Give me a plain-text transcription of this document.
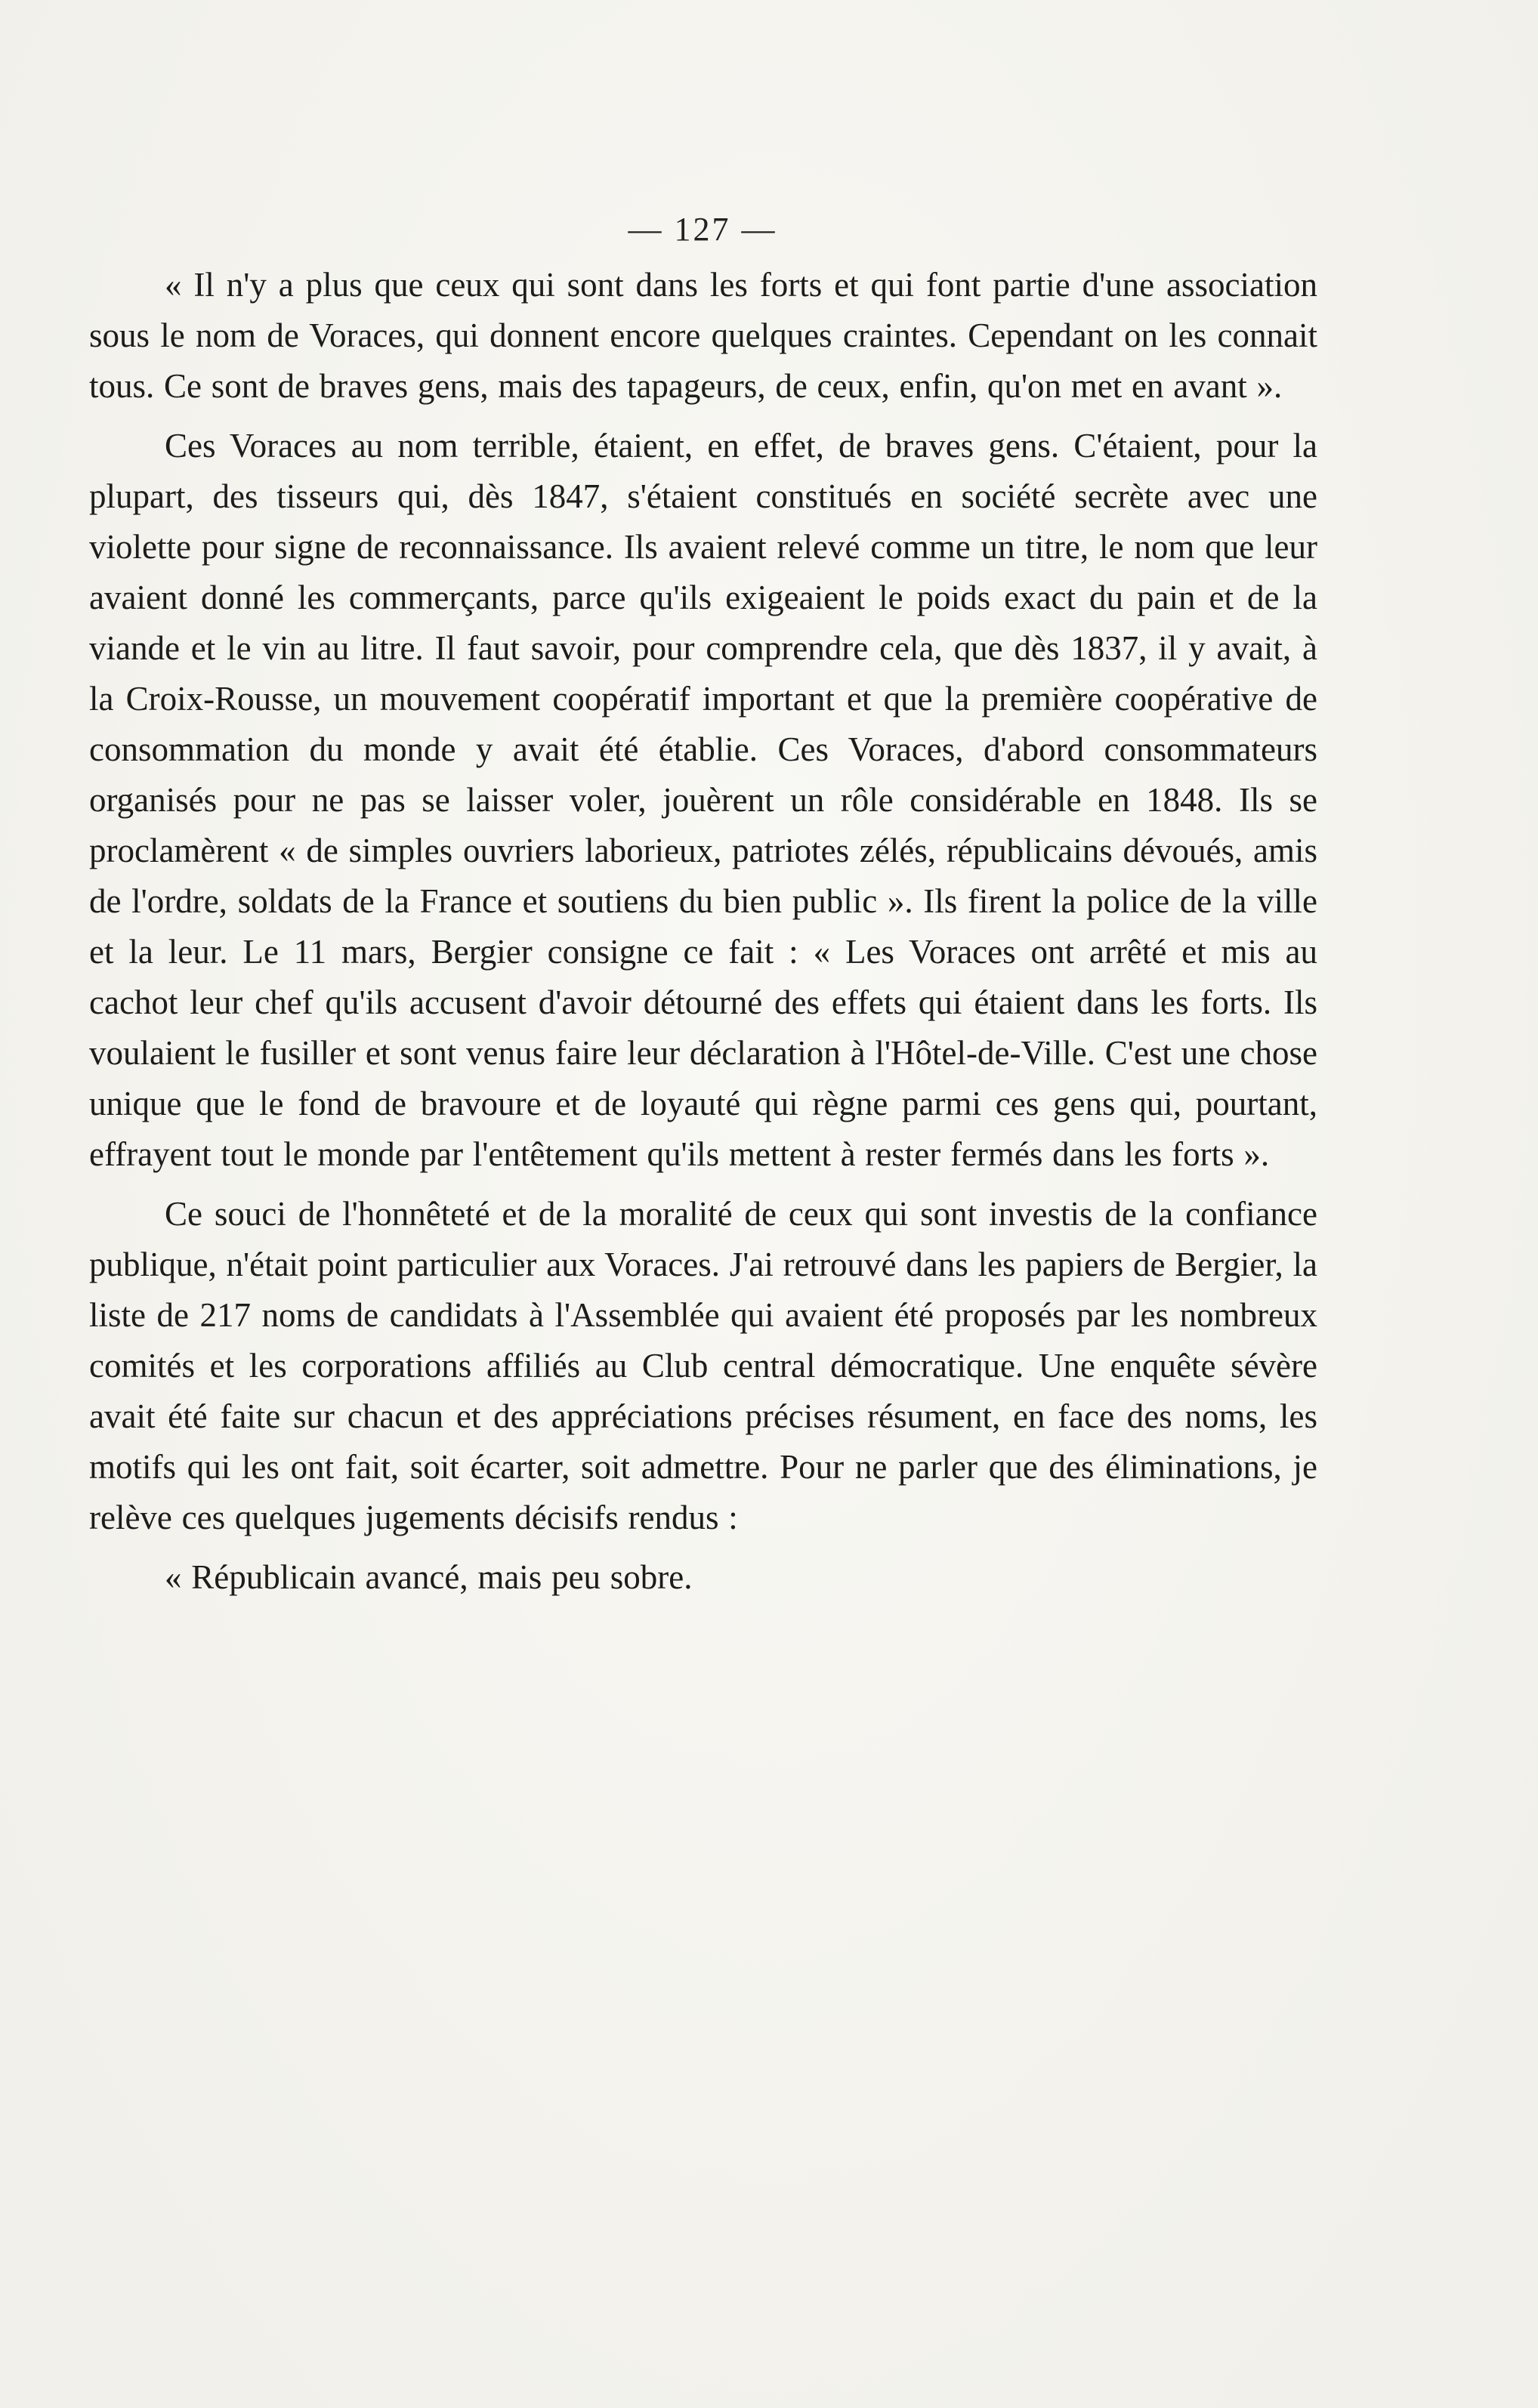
— 127 —

« Il n'y a plus que ceux qui sont dans les forts et qui font partie d'une association sous le nom de Voraces, qui donnent encore quelques craintes. Cependant on les connait tous. Ce sont de braves gens, mais des tapageurs, de ceux, enfin, qu'on met en avant ».

Ces Voraces au nom terrible, étaient, en effet, de braves gens. C'étaient, pour la plupart, des tisseurs qui, dès 1847, s'étaient constitués en société secrète avec une violette pour signe de reconnaissance. Ils avaient relevé comme un titre, le nom que leur avaient donné les commerçants, parce qu'ils exigeaient le poids exact du pain et de la viande et le vin au litre. Il faut savoir, pour comprendre cela, que dès 1837, il y avait, à la Croix-Rousse, un mouvement coopératif important et que la première coopérative de consommation du monde y avait été établie. Ces Voraces, d'abord consommateurs organisés pour ne pas se laisser voler, jouèrent un rôle considérable en 1848. Ils se proclamèrent « de simples ouvriers laborieux, patriotes zélés, républicains dévoués, amis de l'ordre, soldats de la France et soutiens du bien public ». Ils firent la police de la ville et la leur. Le 11 mars, Bergier consigne ce fait : « Les Voraces ont arrêté et mis au cachot leur chef qu'ils accusent d'avoir détourné des effets qui étaient dans les forts. Ils voulaient le fusiller et sont venus faire leur déclaration à l'Hôtel-de-Ville. C'est une chose unique que le fond de bravoure et de loyauté qui règne parmi ces gens qui, pourtant, effrayent tout le monde par l'entêtement qu'ils mettent à rester fermés dans les forts ».

Ce souci de l'honnêteté et de la moralité de ceux qui sont investis de la confiance publique, n'était point particulier aux Voraces. J'ai retrouvé dans les papiers de Bergier, la liste de 217 noms de candidats à l'Assemblée qui avaient été proposés par les nombreux comités et les corporations affiliés au Club central démocratique. Une enquête sévère avait été faite sur chacun et des appréciations précises résument, en face des noms, les motifs qui les ont fait, soit écarter, soit admettre. Pour ne parler que des éliminations, je relève ces quelques jugements décisifs rendus :

« Républicain avancé, mais peu sobre.
